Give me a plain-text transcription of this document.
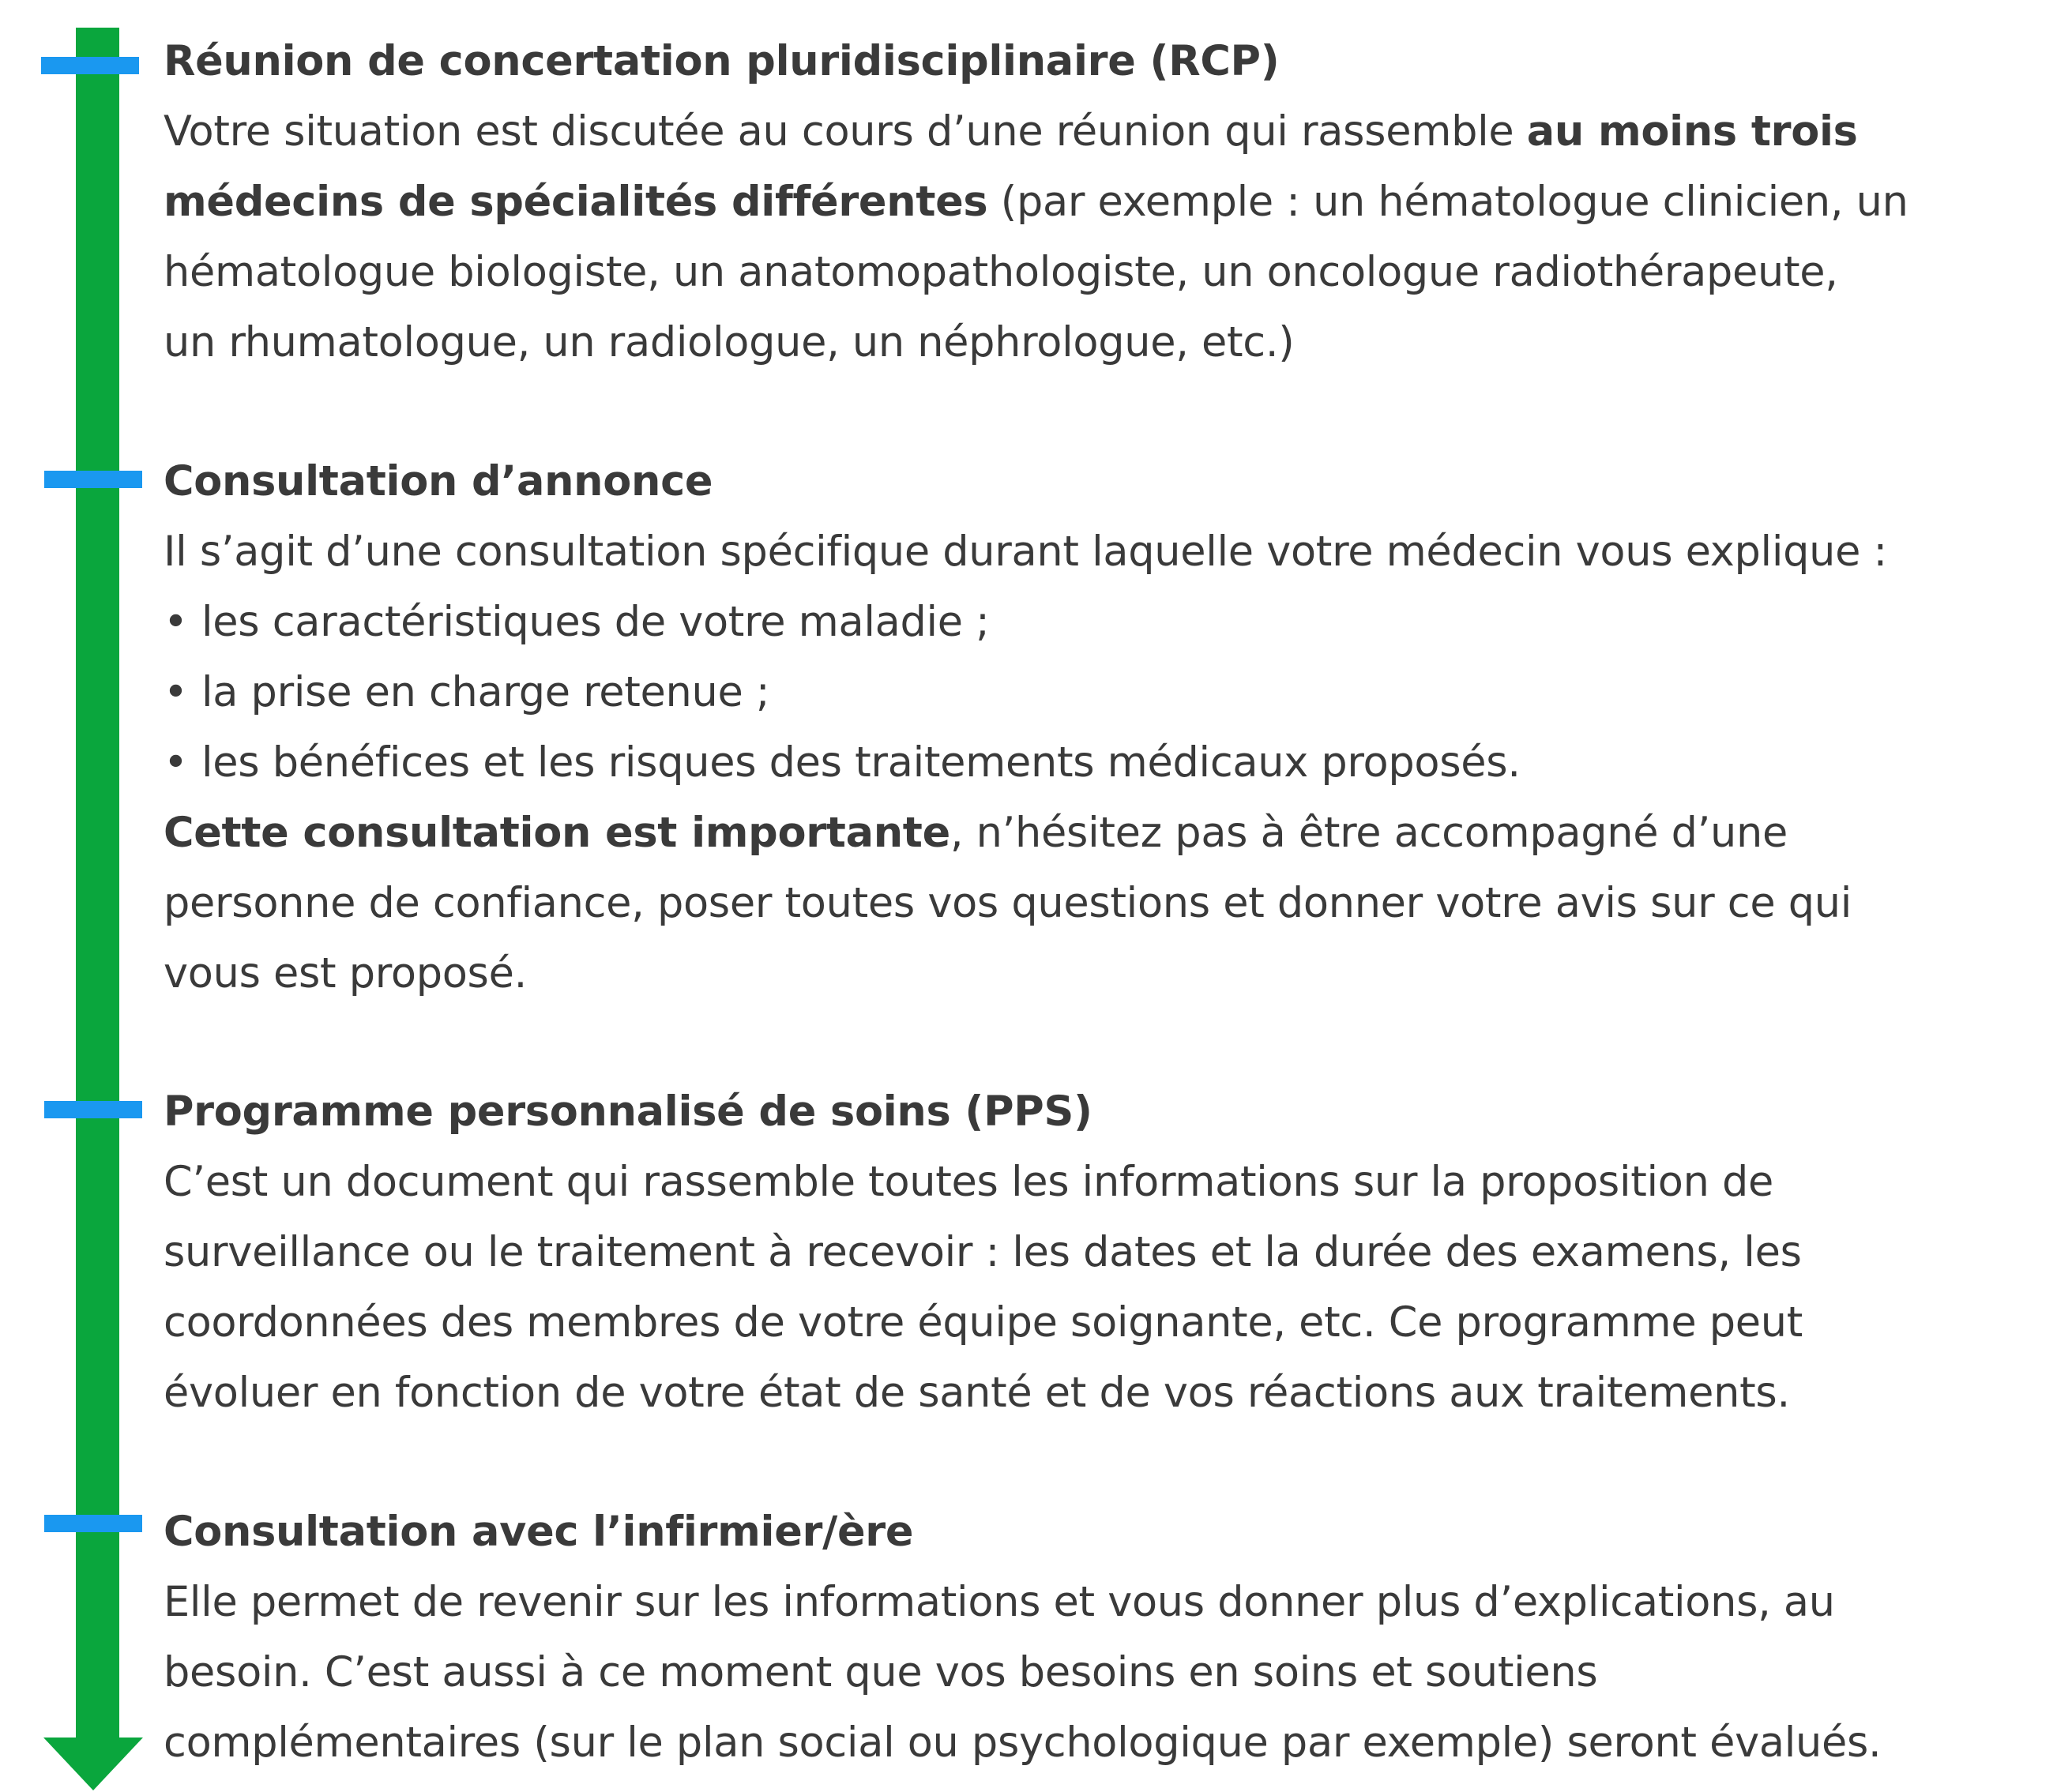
Réunion de concertation pluridisciplinaire (RCP)

Votre situation est discutée au cours d’une réunion qui rassemble au moins trois
médecins de spécialités différentes (par exemple : un hématologue clinicien, un
hématologue biologiste, un anatomopathologiste, un oncologue radiothérapeute,
un rhumatologue, un radiologue, un néphrologue, etc.)

Consultation d’annonce

Il s’agit d’une consultation spécifique durant laquelle votre médecin vous explique :
• les caractéristiques de votre maladie ;
• la prise en charge retenue ;
• les bénéfices et les risques des traitements médicaux proposés.
Cette consultation est importante, n’hésitez pas à être accompagné d’une
personne de confiance, poser toutes vos questions et donner votre avis sur ce qui
vous est proposé.

Programme personnalisé de soins (PPS)

C’est un document qui rassemble toutes les informations sur la proposition de
surveillance ou le traitement à recevoir : les dates et la durée des examens, les
coordonnées des membres de votre équipe soignante, etc. Ce programme peut
évoluer en fonction de votre état de santé et de vos réactions aux traitements.

Consultation avec l’infirmier/ère

Elle permet de revenir sur les informations et vous donner plus d’explications, au
besoin. C’est aussi à ce moment que vos besoins en soins et soutiens
complémentaires (sur le plan social ou psychologique par exemple) seront évalués.
